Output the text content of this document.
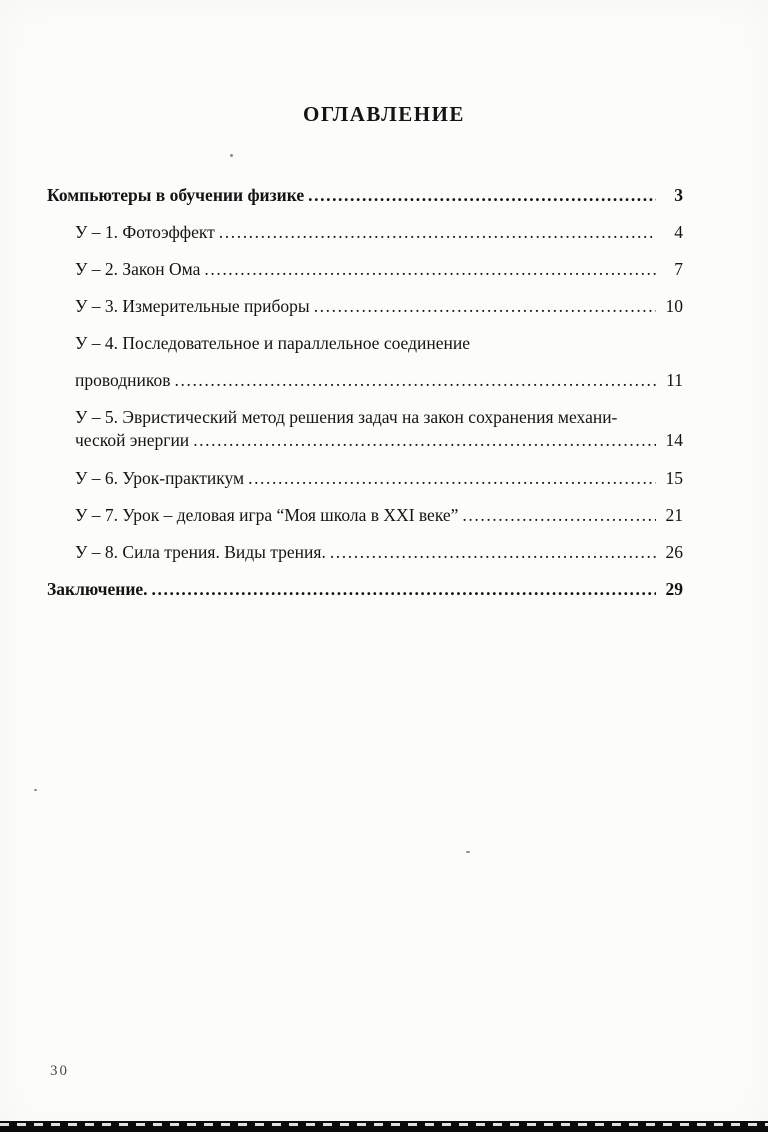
ОГЛАВЛЕНИЕ
Компьютеры в обучении физике .....	3
У – 1. Фотоэффект .....	4
У – 2. Закон Ома .....	7
У – 3. Измерительные приборы .....	10
У – 4. Последовательное и параллельное соединение
проводников .....	11
У – 5. Эвристический метод решения задач на закон сохранения механи-
ческой энергии .....	14
У – 6. Урок-практикум .....	15
У – 7. Урок – деловая игра “Моя школа в XXI веке” .....	21
У – 8. Сила трения. Виды трения. .....	26
Заключение. .....	29
30
